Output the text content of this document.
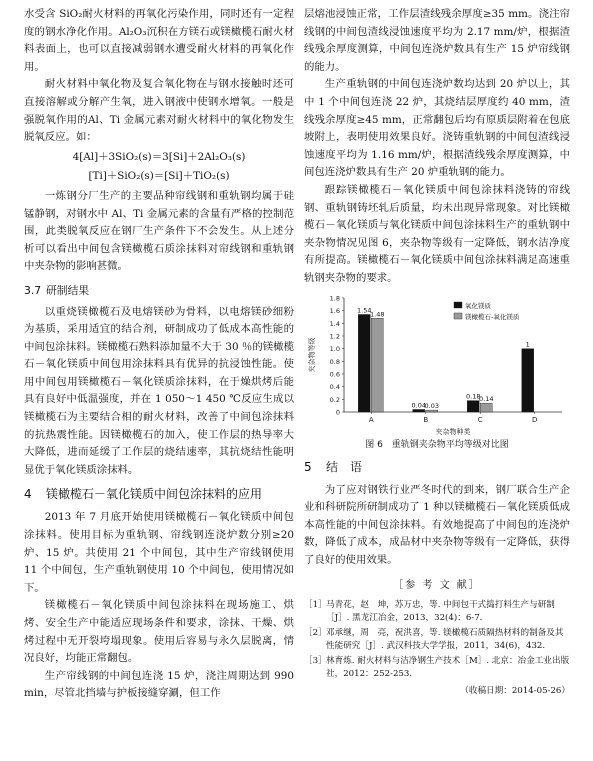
水受含 SiO₂耐火材料的再氧化污染作用，同时还有一定程度的钢水净化作用。Al₂O₃沉积在方镁石或镁橄榄石耐火材料表面上，也可以直接减弱钢水遭受耐火材料的再氧化作用。

耐火材料中氧化物及复合氧化物在与钢水接触时还可直接溶解或分解产生氧，进入钢液中使钢水增氧。一般是强脱氧作用的Al、Ti 金属元素对耐火材料中的氧化物发生脱氧反应。如：

4[Al]＋3SiO₂(s)＝3[Si]＋2Al₂O₃(s)
[Ti]＋SiO₂(s)＝[Si]＋TiO₂(s)

一炼钢分厂生产的主要品种帘线钢和重轨钢均属于硅锰静钢，对钢水中 Al、Ti 金属元素的含量有严格的控制范围，此类脱氧反应在钢厂生产条件下不会发生。从上述分析可以看出中间包含镁橄榄石质涂抹料对帘线钢和重轨钢中夹杂物的影响甚微。

3.7 研制结果

以重烧镁橄榄石及电熔镁砂为骨料，以电熔镁砂细粉为基质，采用适宜的结合剂，研制成功了低成本高性能的中间包涂抹料。镁橄榄石熟料添加量不大于 30 ％的镁橄榄石－氧化镁质中间包用涂抹料具有优异的抗浸蚀性能。使用中间包用镁橄榄石－氧化镁质涂抹料，在于燥烘烤后能具有良好中低温强度，并在 1 050～1 450 ℃反应生成以镁橄榄石为主要结合相的耐火材料，改善了中间包涂抹料的抗热震性能。因镁橄榄石的加入，使工作层的热导率大大降低，进而延缓了工作层的烧结速率，其抗烧结性能明显优于氧化镁质涂抹料。

4	镁橄榄石－氧化镁质中间包涂抹料的应用

2013 年 7 月底开始使用镁橄榄石－氧化镁质中间包涂抹料。使用目标为重轨钢、帘线钢连浇炉数分别≥20 炉、15 炉。共使用 21 个中间包，其中生产帘线钢使用 11 个中间包，生产重轨钢使用 10 个中间包，使用情况如下。

镁橄榄石－氧化镁质中间包涂抹料在现场施工、烘烤、安全生产中能适应现场条件和要求，涂抹、干燥、烘烤过程中无开裂垮塌现象。使用后容易与永久层脱离，情况良好，均能正常翻包。

生产帘线钢的中间包连浇 15 炉，浇注周期达到 990 min，尽管北挡墙与护板接缝穿涮，但工作

层熔池浸蚀正常，工作层渣线残余厚度≥35 mm。浇注帘线钢的中间包渣线浸蚀速度平均为 2.17 mm/炉，根据渣线残余厚度测算，中间包连浇炉数具有生产 15 炉帘线钢的能力。

生产重轨钢的中间包连浇炉数均达到 20 炉以上，其中 1 个中间包连浇 22 炉，其烧结层厚度约 40 mm，渣线残余厚度≥45 mm，正常翻包后均有原质层附着在包底坡附上，表明使用效果良好。浇铸重轨钢的中间包渣线浸蚀速度平均为 1.16 mm/炉，根据渣线残余厚度测算，中间包连浇炉数具有生产 20 炉重轨钢的能力。

跟踪镁橄榄石－氧化镁质中间包涂抹料浇铸的帘线钢、重轨钢铸坯轧后质量，均未出现异常现象。对比镁橄榄石－氧化镁质与氧化镁质中间包涂抹料生产的重轨钢中夹杂物情况见图 6，夹杂物等级有一定降低，钢水洁净度有所提高。镁橄榄石－氧化镁质中间包涂抹料满足高速重轨钢夹杂物的要求。

0
0.2
0.4
0.6
0.8
1.0
1.2
1.4
1.6
1.8
夹杂物等级
1.54
1.48
A
0.04
0.03
B
0.18
0.14
C
1
D
夹杂物种类
氧化镁质
镁橄榄石-氧化镁质
图 6　重轨钢夹杂物平均等级对比图
5	结　语

为了应对钢铁行业严冬时代的到来，钢厂联合生产企业和科研院所研制成功了 1 种以镁橄榄石－氧化镁质低成本高性能的中间包涂抹料。有效地提高了中间包的连浇炉数，降低了成本，成品材中夹杂物等级有一定降低，获得了良好的使用效果。

［参 考 文 献］
［1］ 马青花，赵　坤，苏万忠，等. 中间包干式捣打料生产与研制［J］. 黑龙江冶金，2013，32(4)：6-7.
［2］ 邓承继，周　亮，祝洪喜，等. 镁橄榄石质隔热材料的制备及其性能研究［J］. 武汉科技大学学报，2011，34(6)，432.
［3］ 林育炼. 耐火材料与洁净钢生产技术［M］. 北京：冶金工业出版社，2012：252-253.
（收稿日期：2014-05-26）
